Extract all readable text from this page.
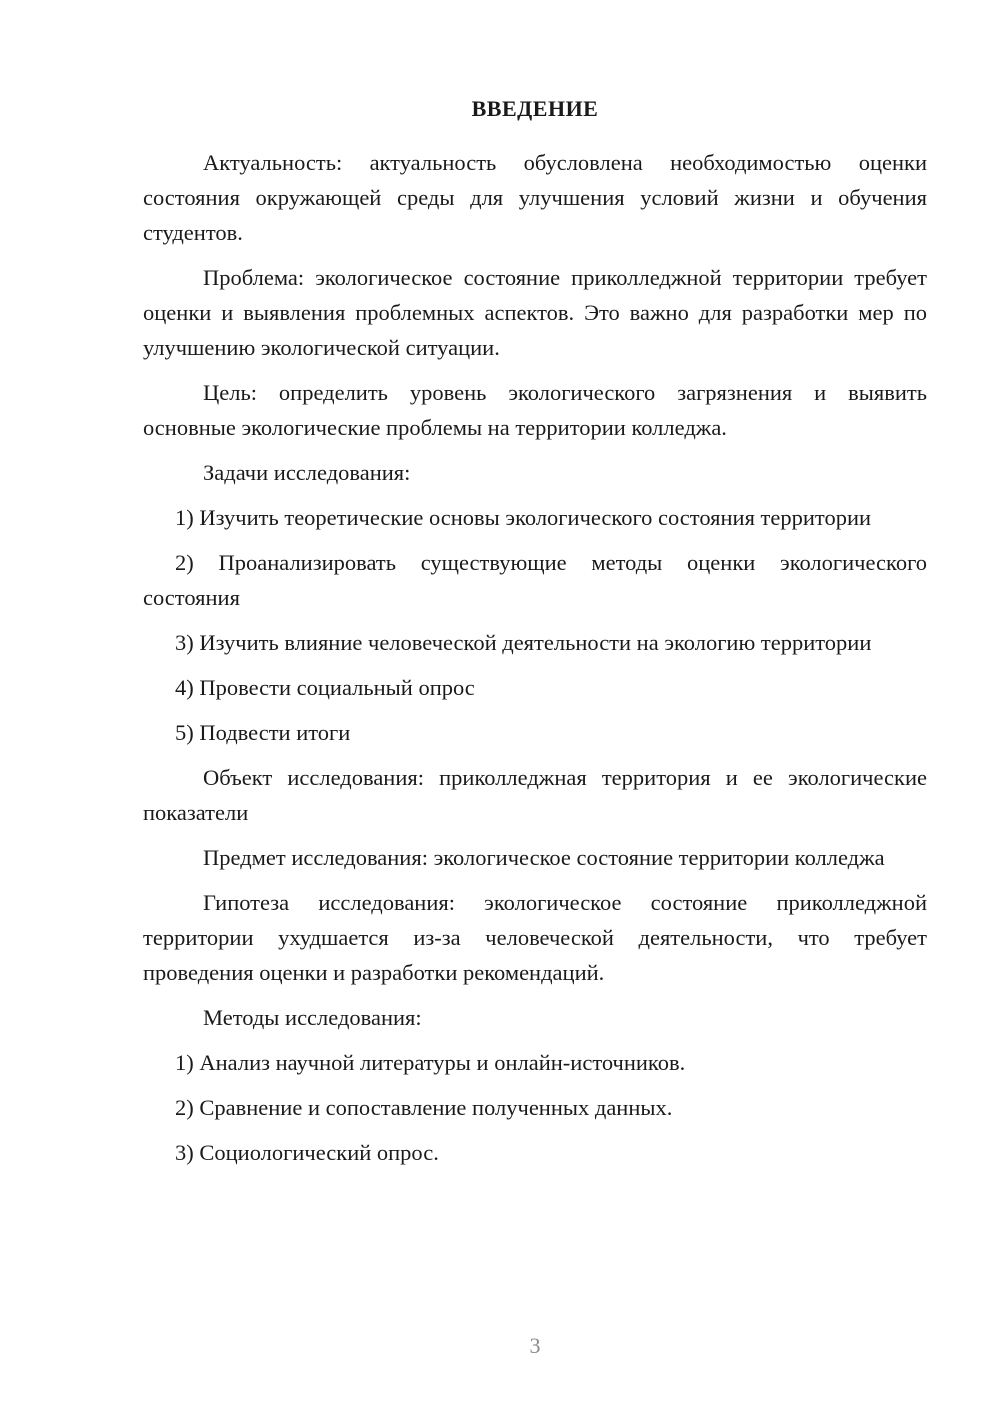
ВВЕДЕНИЕ

Актуальность: актуальность обусловлена необходимостью оценки состояния окружающей среды для улучшения условий жизни и обучения студентов.

Проблема: экологическое состояние приколледжной территории требует оценки и выявления проблемных аспектов. Это важно для разработки мер по улучшению экологической ситуации.

Цель: определить уровень экологического загрязнения и выявить основные экологические проблемы на территории колледжа.

Задачи исследования:

1) Изучить теоретические основы экологического состояния территории

2) Проанализировать существующие методы оценки экологического состояния

3) Изучить влияние человеческой деятельности на экологию территории

4) Провести социальный опрос

5) Подвести итоги

Объект исследования: приколледжная территория и ее экологические показатели

Предмет исследования: экологическое состояние территории колледжа

Гипотеза исследования: экологическое состояние приколледжной территории ухудшается из-за человеческой деятельности, что требует проведения оценки и разработки рекомендаций.

Методы исследования:

1) Анализ научной литературы и онлайн-источников.

2) Сравнение и сопоставление полученных данных.

3) Социологический опрос.

3
